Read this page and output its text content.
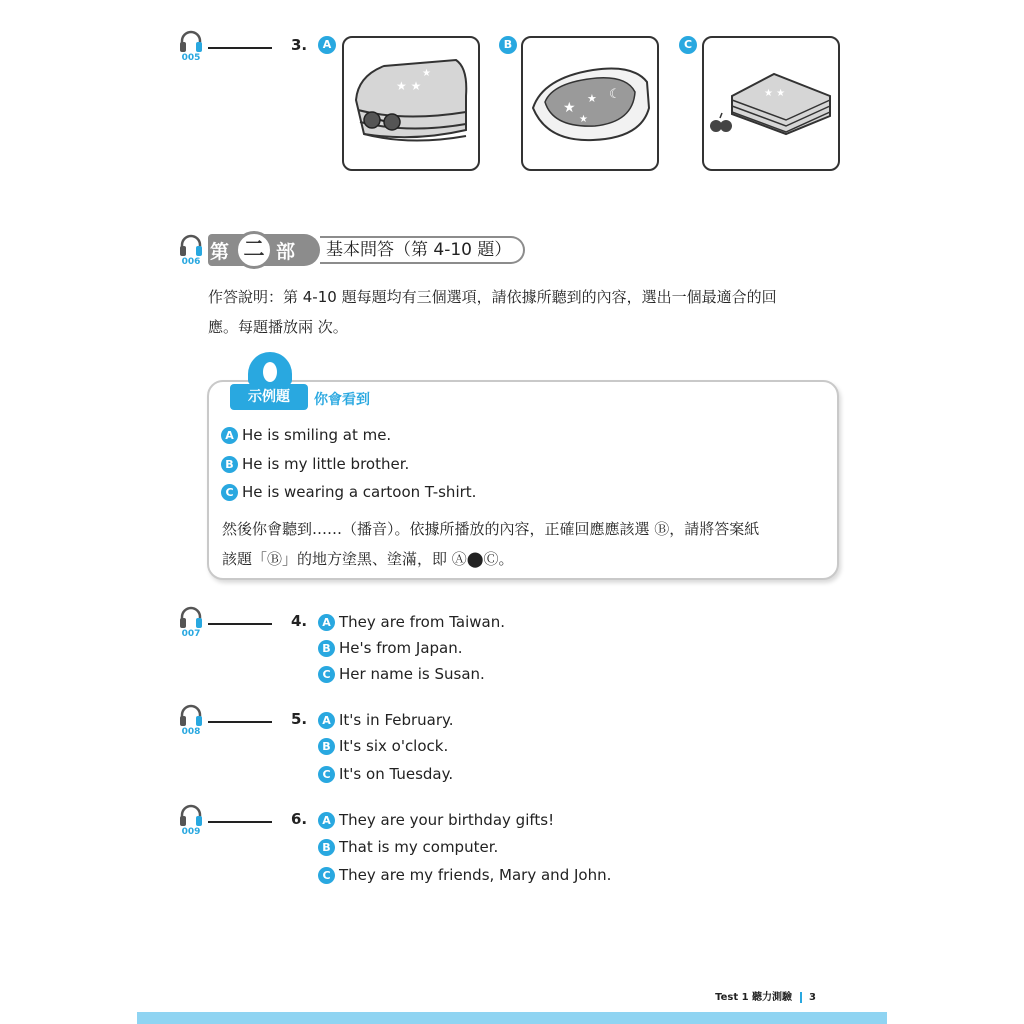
005
3.	A
★ ★
★
B
★
★ ☾
★
C
★ ★
006 第 二 部分
基本問答（第 4-10 題）
作答說明：第 4-10 題每題均有三個選項，請依據所聽到的內容，選出一個最適合的回
應。每題播放兩 次。
示例題	你會看到
A He is smiling at me.
B He is my little brother.
C He is wearing a cartoon T-shirt.
然後你會聽到……（播音）。依據所播放的內容，正確回應應該選 Ⓑ，請將答案紙
該題「Ⓑ」的地方塗黑、塗滿，即 Ⓐ⬤Ⓒ。
007
4.	A They are from Taiwan.
B He's from Japan.
C Her name is Susan.
008
5.	A It's in February.
B It's six o'clock.
C It's on Tuesday.
009
6.	A They are your birthday gifts!
B That is my computer.
C They are my friends, Mary and John.
Test 1 聽力測驗 3
